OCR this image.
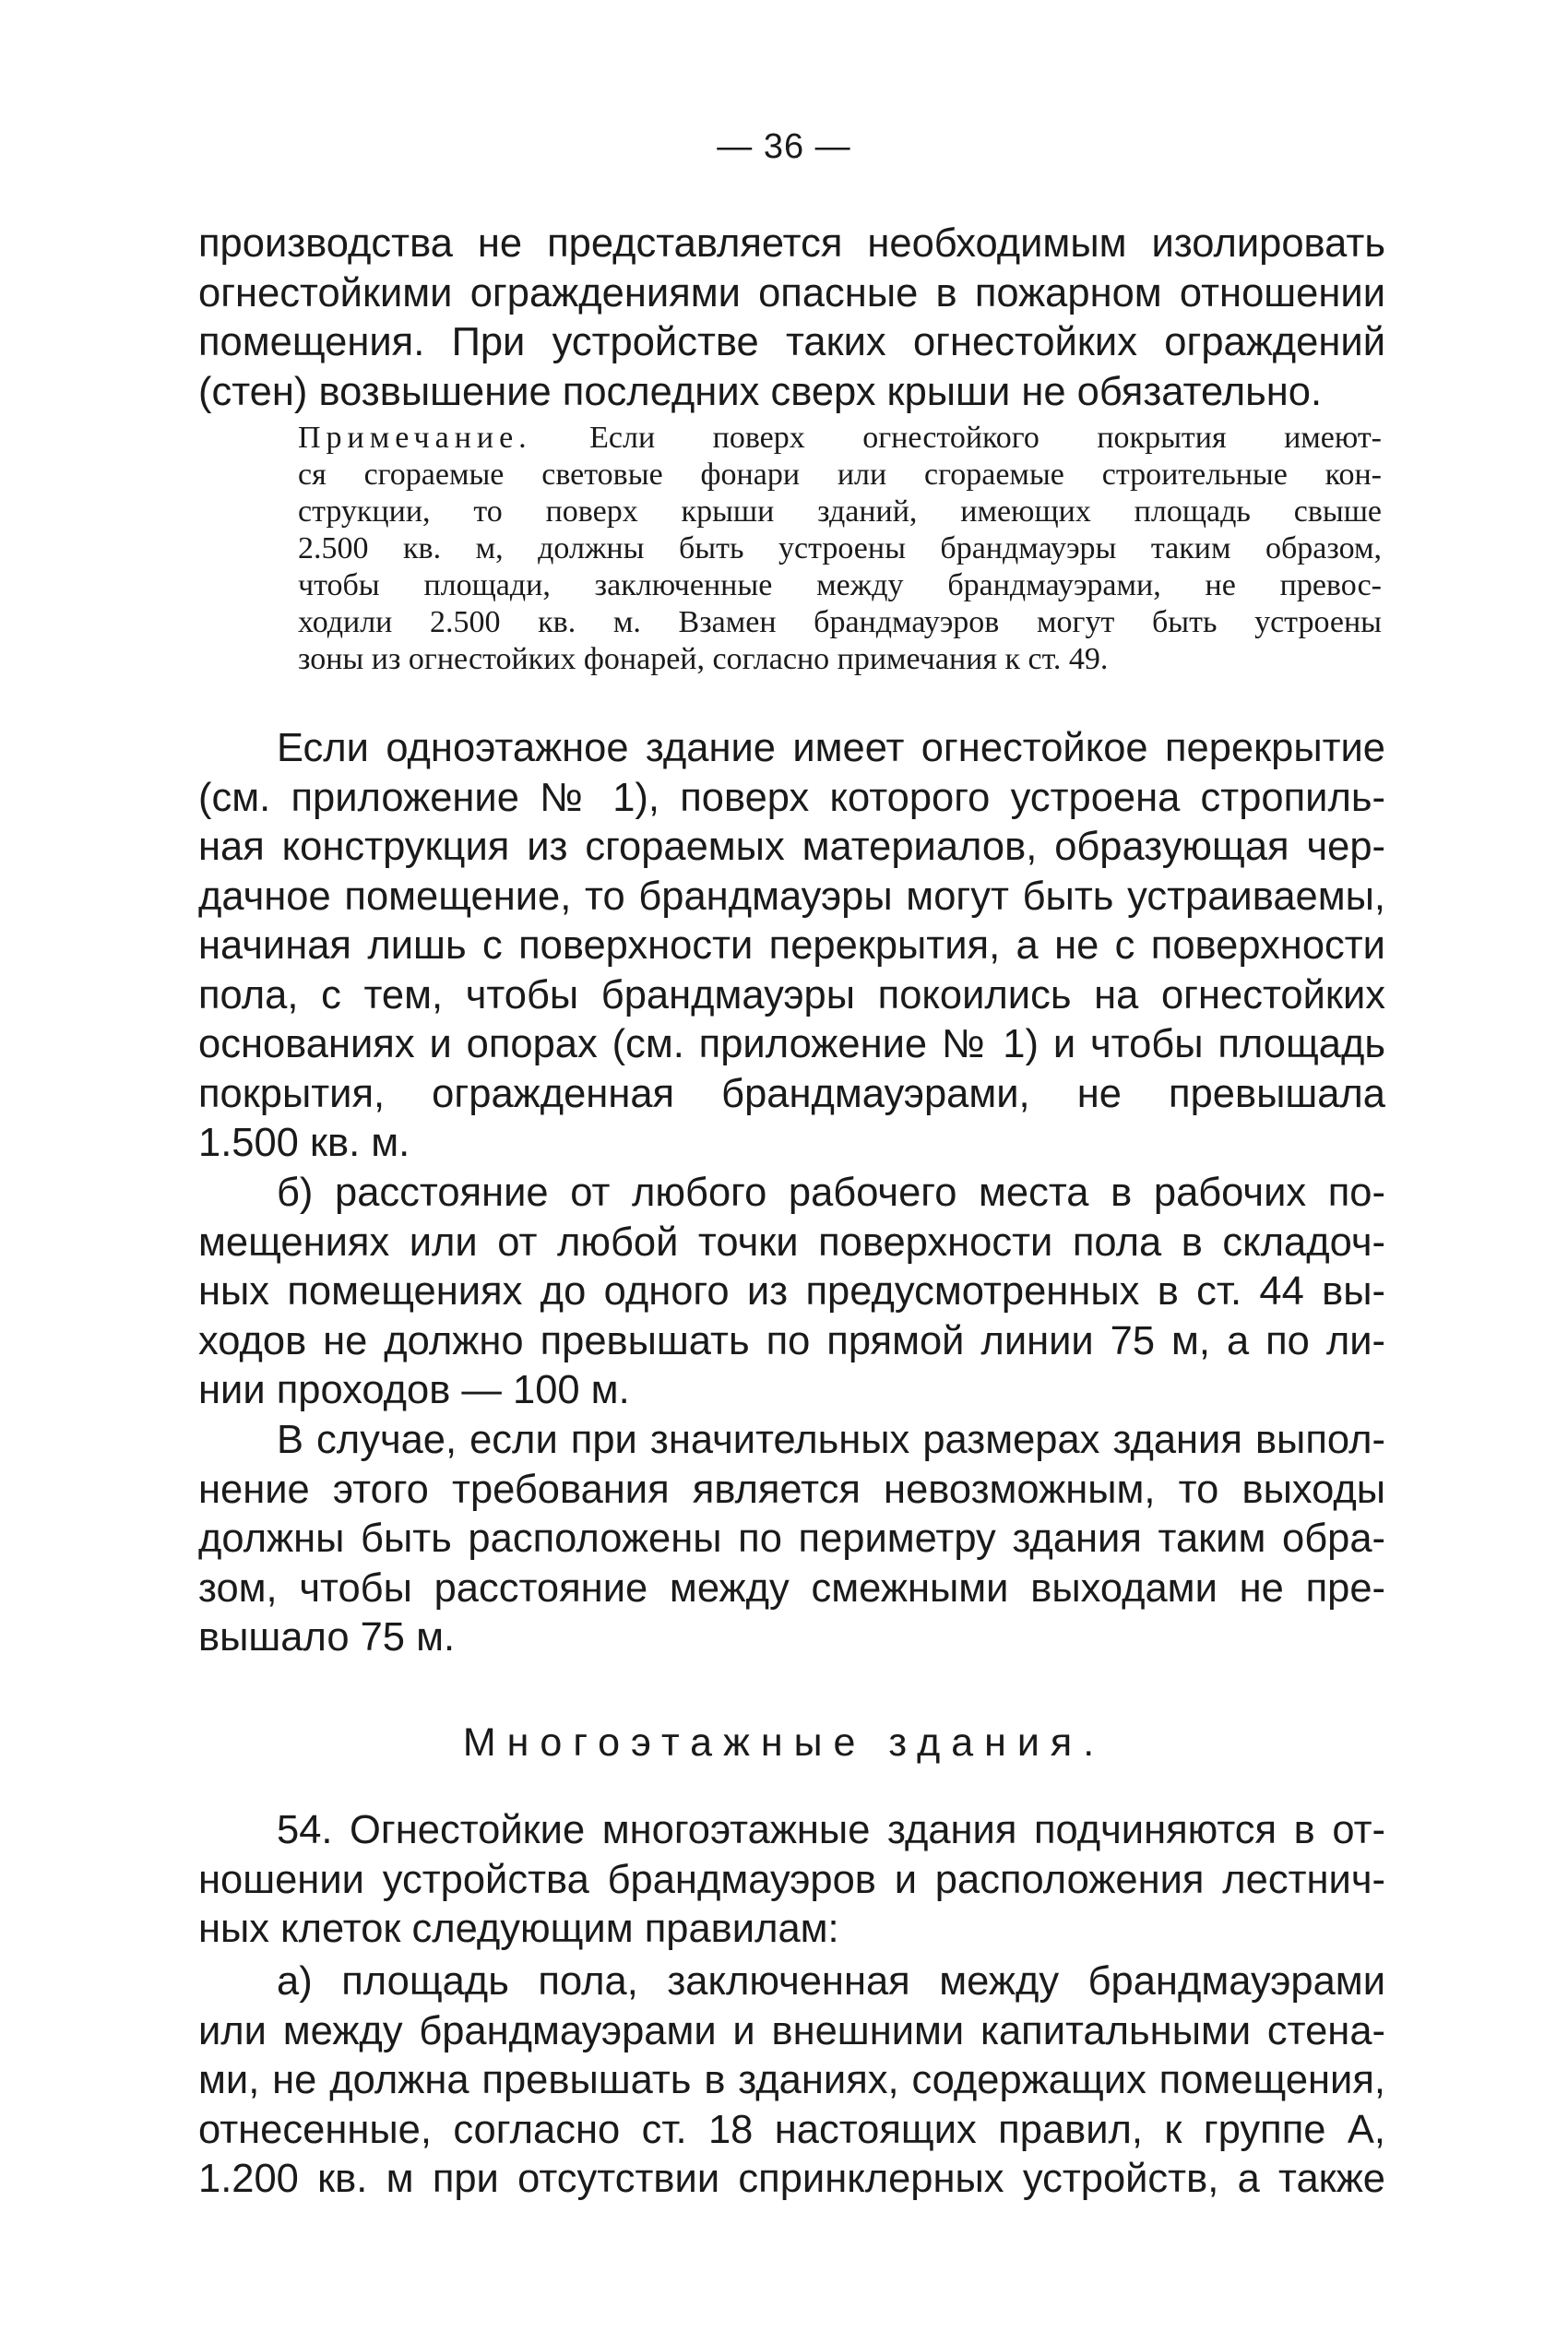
— 36 —

производства не представляется необходимым изолировать
огнестойкими ограждениями опасные в пожарном отношении
помещения. При устройстве таких огнестойких ограждений
(стен) возвышение последних сверх крыши не обязательно.

Примечание. Если поверх огнестойкого покрытия имеют-

ся сгораемые световые фонари или сгораемые строительные кон-
струкции, то поверх крыши зданий, имеющих площадь свыше
2.500 кв. м, должны быть устроены брандмауэры таким образом,
чтобы площади, заключенные между брандмауэрами, не превос-
ходили 2.500 кв. м. Взамен брандмауэров могут быть устроены
зоны из огнестойких фонарей, согласно примечания к ст. 49.

Если одноэтажное здание имеет огнестойкое перекрытие
(см. приложение № 1), поверх которого устроена стропиль-
ная конструкция из сгораемых материалов, образующая чер-
дачное помещение, то брандмауэры могут быть устраиваемы,
начиная лишь с поверхности перекрытия, а не с поверхности
пола, с тем, чтобы брандмауэры покоились на огнестойких
основаниях и опорах (см. приложение № 1) и чтобы площадь
покрытия, огражденная брандмауэрами, не превышала
1.500 кв. м.

б) расстояние от любого рабочего места в рабочих по-
мещениях или от любой точки поверхности пола в складоч-
ных помещениях до одного из предусмотренных в ст. 44 вы-
ходов не должно превышать по прямой линии 75 м, а по ли-
нии проходов — 100 м.

В случае, если при значительных размерах здания выпол-
нение этого требования является невозможным, то выходы
должны быть расположены по периметру здания таким обра-
зом, чтобы расстояние между смежными выходами не пре-
вышало 75 м.

Многоэтажные здания.

54. Огнестойкие многоэтажные здания подчиняются в от-
ношении устройства брандмауэров и расположения лестнич-
ных клеток следующим правилам:

а) площадь пола, заключенная между брандмауэрами
или между брандмауэрами и внешними капитальными стена-
ми, не должна превышать в зданиях, содержащих помещения,
отнесенные, согласно ст. 18 настоящих правил, к группе А,
1.200 кв. м при отсутствии спринклерных устройств, а также
